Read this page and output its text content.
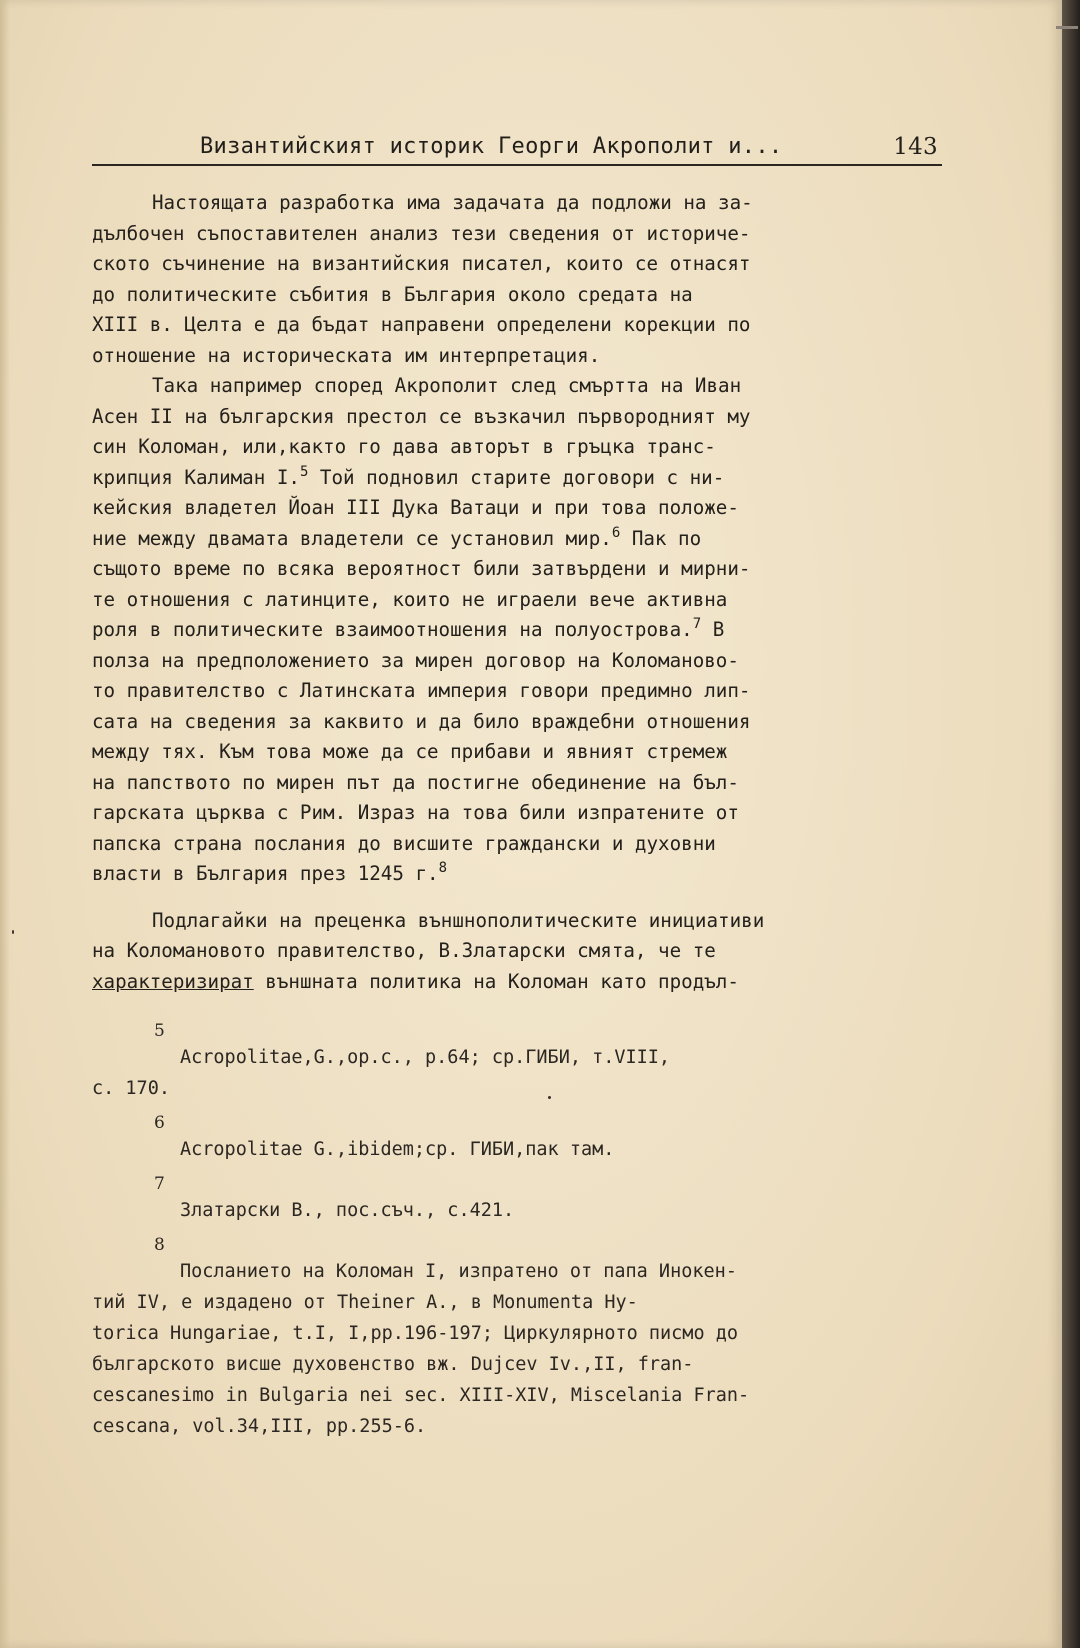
Византийският историк Георги Акрополит и...	143
Настоящата разработка има задачата да подложи на за-
дълбочен съпоставителен анализ тези сведения от историче-
ското съчинение на византийския писател, които се отнасят
до политическите събития в България около средата на
XIII в. Целта е да бъдат направени определени корекции по
отношение на историческата им интерпретация.
Така например според Акрополит след смъртта на Иван
Асен II на българския престол се възкачил първородният му
син Коломан, или,както го дава авторът в гръцка транс-
крипция Калиман I.$^5$ Той подновил старите договори с ни-
кейския владетел Йоан III Дука Ватаци и при това положе-
ние между двамата владетели се установил мир.$^6$ Пак по
същото време по всяка вероятност били затвърдени и мирни-
те отношения с латинците, които не играели вече активна
роля в политическите взаимоотношения на полуострова.$^7$ В
полза на предположението за мирен договор на Коломаново-
то правителство с Латинската империя говори предимно лип-
сата на сведения за каквито и да било враждебни отношения
между тях. Към това може да се прибави и явният стремеж
на папството по мирен път да постигне обединение на бъл-
гарската църква с Рим. Израз на това били изпратените от
папска страна послания до висшите граждански и духовни
власти в България през 1245 г.$^8$
Подлагайки на преценка външнополитическите инициативи
на Коломановото правителство, В.Златарски смята, че те
характеризират външната политика на Коломан като продъл-
5
Acropolitae,G.,op.c., p.64; ср.ГИБИ, т.VIII,
с. 170.
6
Acropolitae G.,ibidem;ср. ГИБИ,пак там.
7
Златарски В., пос.съч., с.421.
8
Посланието на Коломан I, изпратено от папа Инокен-
тий IV, е издадено от Theiner A., в Monumenta Hy-
torica Hungariae, t.I, I,pp.196-197; Циркулярното писмо до
българското висше духовенство вж. Dujcev Iv.,II, fran-
cescanesimo in Bulgaria nei sec. XIII-XIV, Miscelania Fran-
cescana, vol.34,III, pp.255-6.
